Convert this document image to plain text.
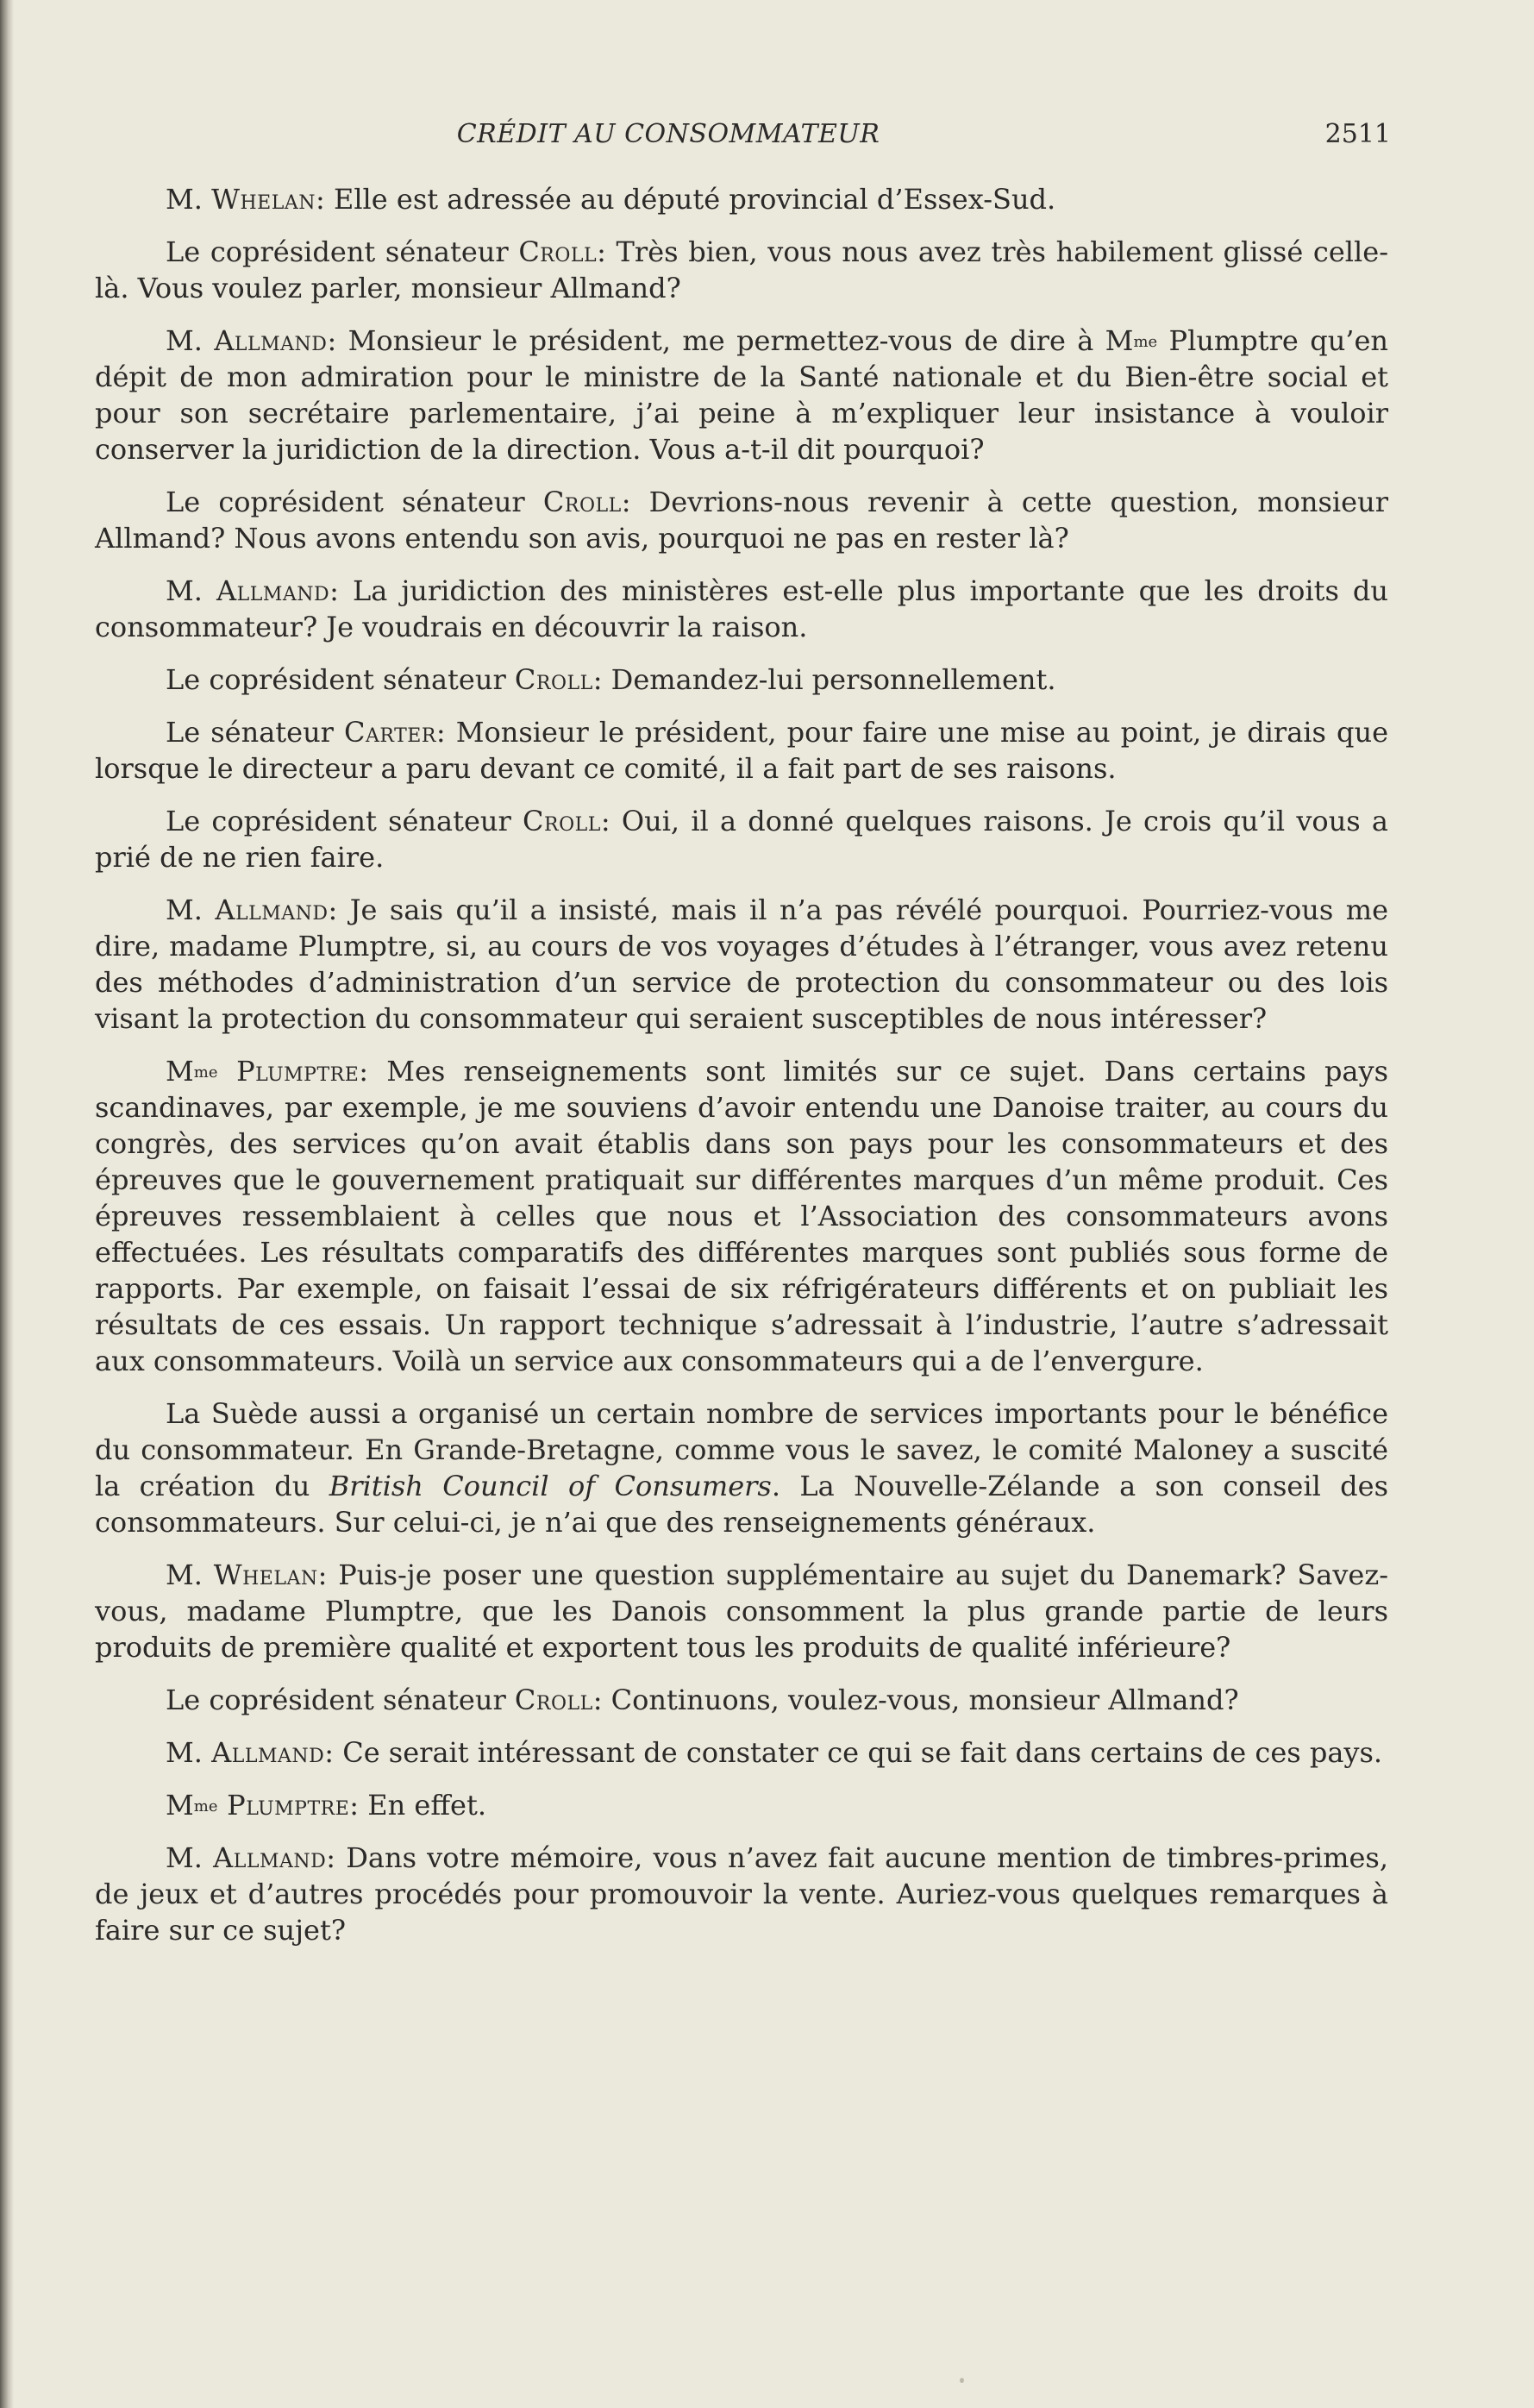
CRÉDIT AU CONSOMMATEUR	2511

M. Whelan: Elle est adressée au député provincial d’Essex-Sud.

Le coprésident sénateur Croll: Très bien, vous nous avez très habilement glissé celle-là. Vous voulez parler, monsieur Allmand?

M. Allmand: Monsieur le président, me permettez-vous de dire à $M^{me}$ Plumptre qu’en dépit de mon admiration pour le ministre de la Santé nationale et du Bien-être social et pour son secrétaire parlementaire, j’ai peine à m’expliquer leur insistance à vouloir conserver la juridiction de la direction. Vous a-t-il dit pourquoi?

Le coprésident sénateur Croll: Devrions-nous revenir à cette question, monsieur Allmand? Nous avons entendu son avis, pourquoi ne pas en rester là?

M. Allmand: La juridiction des ministères est-elle plus importante que les droits du consommateur? Je voudrais en découvrir la raison.

Le coprésident sénateur Croll: Demandez-lui personnellement.

Le sénateur Carter: Monsieur le président, pour faire une mise au point, je dirais que lorsque le directeur a paru devant ce comité, il a fait part de ses raisons.

Le coprésident sénateur Croll: Oui, il a donné quelques raisons. Je crois qu’il vous a prié de ne rien faire.

M. Allmand: Je sais qu’il a insisté, mais il n’a pas révélé pourquoi. Pourriez-vous me dire, madame Plumptre, si, au cours de vos voyages d’études à l’étranger, vous avez retenu des méthodes d’administration d’un service de protection du consommateur ou des lois visant la protection du consommateur qui seraient susceptibles de nous intéresser?

$M^{me}$ Plumptre: Mes renseignements sont limités sur ce sujet. Dans certains pays scandinaves, par exemple, je me souviens d’avoir entendu une Danoise traiter, au cours du congrès, des services qu’on avait établis dans son pays pour les consommateurs et des épreuves que le gouvernement pratiquait sur différentes marques d’un même produit. Ces épreuves ressemblaient à celles que nous et l’Association des consommateurs avons effectuées. Les résultats comparatifs des différentes marques sont publiés sous forme de rapports. Par exemple, on faisait l’essai de six réfrigérateurs différents et on publiait les résultats de ces essais. Un rapport technique s’adressait à l’industrie, l’autre s’adressait aux consommateurs. Voilà un service aux consommateurs qui a de l’envergure.

La Suède aussi a organisé un certain nombre de services importants pour le bénéfice du consommateur. En Grande-Bretagne, comme vous le savez, le comité Maloney a suscité la création du British Council of Consumers. La Nouvelle-Zélande a son conseil des consommateurs. Sur celui-ci, je n’ai que des renseignements généraux.

M. Whelan: Puis-je poser une question supplémentaire au sujet du Danemark? Savez-vous, madame Plumptre, que les Danois consomment la plus grande partie de leurs produits de première qualité et exportent tous les produits de qualité inférieure?

Le coprésident sénateur Croll: Continuons, voulez-vous, monsieur Allmand?

M. Allmand: Ce serait intéressant de constater ce qui se fait dans certains de ces pays.

$M^{me}$ Plumptre: En effet.

M. Allmand: Dans votre mémoire, vous n’avez fait aucune mention de timbres-primes, de jeux et d’autres procédés pour promouvoir la vente. Auriez-vous quelques remarques à faire sur ce sujet?
